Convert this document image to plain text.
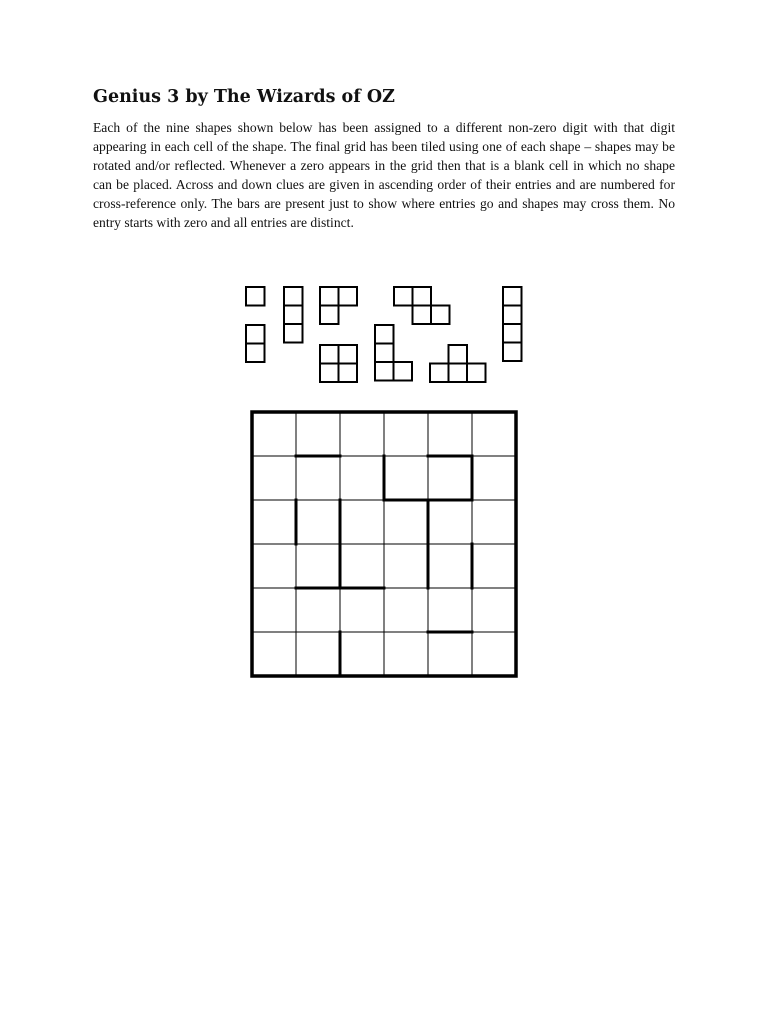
Genius 3 by The Wizards of OZ
Each of the nine shapes shown below has been assigned to a different non-zero digit with that digit appearing in each cell of the shape. The final grid has been tiled using one of each shape – shapes may be rotated and/or reflected. Whenever a zero appears in the grid then that is a blank cell in which no shape can be placed. Across and down clues are given in ascending order of their entries and are numbered for cross-reference only. The bars are present just to show where entries go and shapes may cross them. No entry starts with zero and all entries are distinct.
